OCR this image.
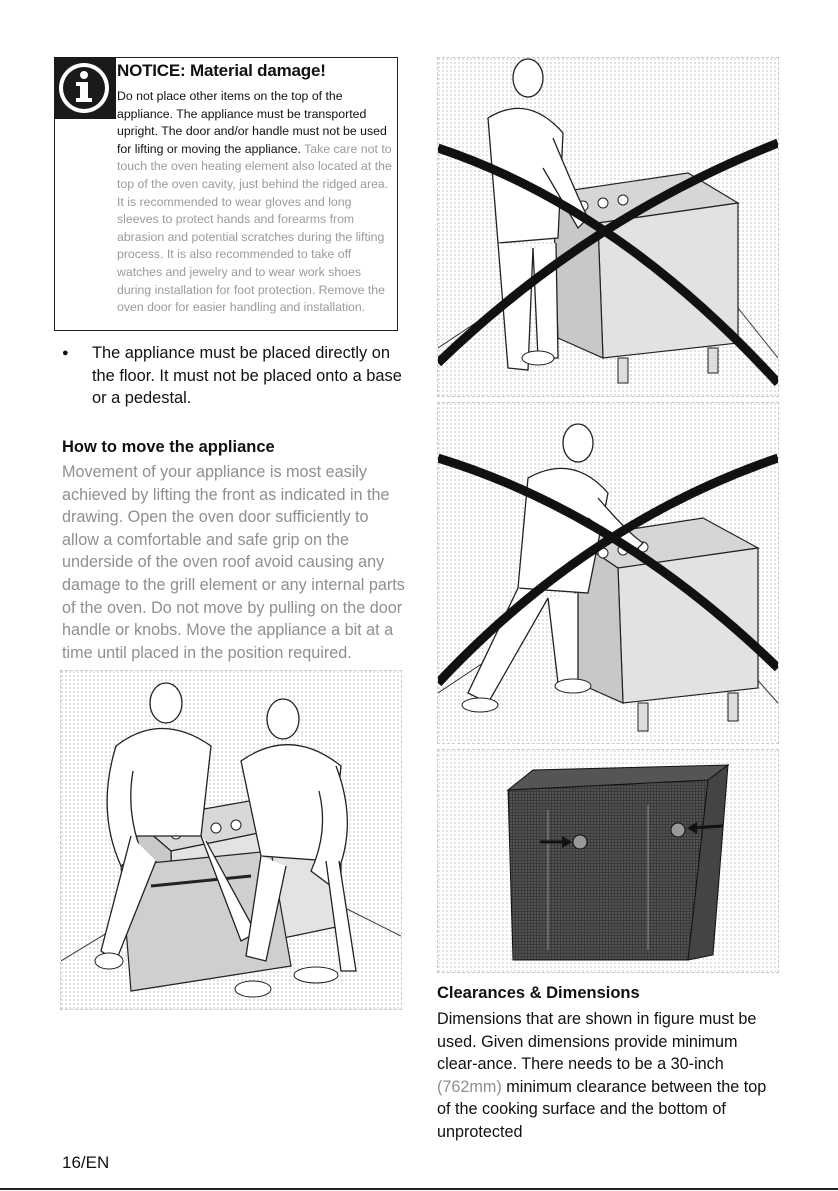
NOTICE: Material damage!
Do not place other items on the top of the appliance. The appliance must be transported upright. The door and/or handle must not be used for lifting or moving the appliance. Take care not to touch the oven heating element also located at the top of the oven cavity, just behind the ridged area. It is recommended to wear gloves and long sleeves to protect hands and forearms from abrasion and potential scratches during the lifting process. It is also recommended to take off watches and jewelry and to wear work shoes during installation for foot protection. Remove the oven door for easier handling and installation.
● The appliance must be placed directly on the floor. It must not be placed onto a base or a pedestal.
How to move the appliance
Movement of your appliance is most easily achieved by lifting the front as indicated in the drawing. Open the oven door sufficiently to allow a comfortable and safe grip on the underside of the oven roof avoid causing any damage to the grill element or any internal parts of the oven. Do not move by pulling on the door handle or knobs. Move the appliance a bit at a time until placed in the position required.
Clearances & Dimensions
Dimensions that are shown in figure must be used. Given dimensions provide minimum clear-ance. There needs to be a 30-inch (762mm) minimum clearance between the top of the cooking surface and the bottom of unprotected
16/EN
